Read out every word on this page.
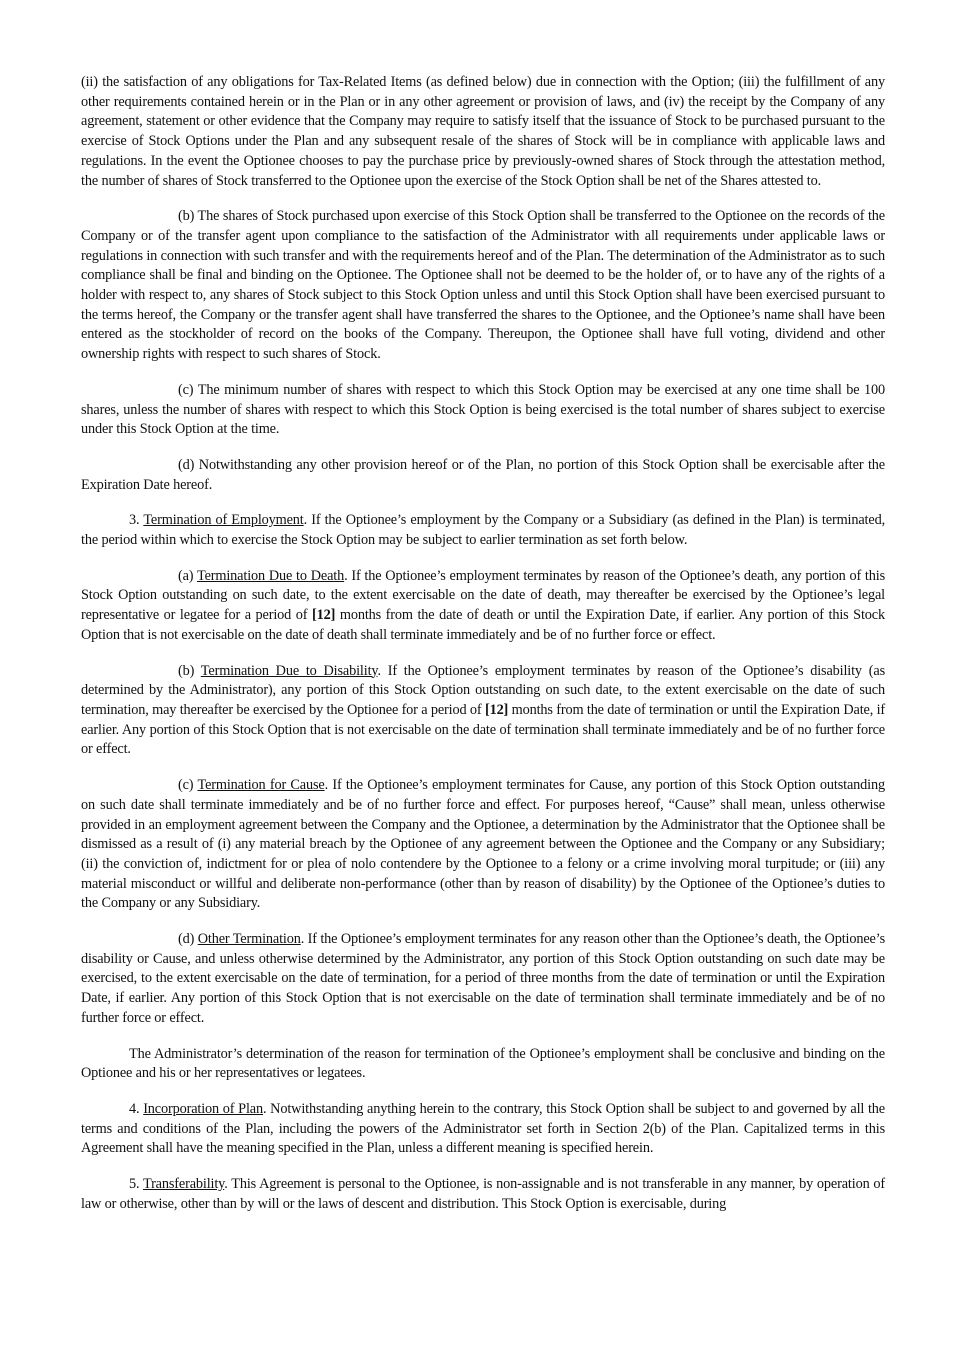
(ii) the satisfaction of any obligations for Tax-Related Items (as defined below) due in connection with the Option; (iii) the fulfillment of any other requirements contained herein or in the Plan or in any other agreement or provision of laws, and (iv) the receipt by the Company of any agreement, statement or other evidence that the Company may require to satisfy itself that the issuance of Stock to be purchased pursuant to the exercise of Stock Options under the Plan and any subsequent resale of the shares of Stock will be in compliance with applicable laws and regulations. In the event the Optionee chooses to pay the purchase price by previously-owned shares of Stock through the attestation method, the number of shares of Stock transferred to the Optionee upon the exercise of the Stock Option shall be net of the Shares attested to.

(b) The shares of Stock purchased upon exercise of this Stock Option shall be transferred to the Optionee on the records of the Company or of the transfer agent upon compliance to the satisfaction of the Administrator with all requirements under applicable laws or regulations in connection with such transfer and with the requirements hereof and of the Plan. The determination of the Administrator as to such compliance shall be final and binding on the Optionee. The Optionee shall not be deemed to be the holder of, or to have any of the rights of a holder with respect to, any shares of Stock subject to this Stock Option unless and until this Stock Option shall have been exercised pursuant to the terms hereof, the Company or the transfer agent shall have transferred the shares to the Optionee, and the Optionee’s name shall have been entered as the stockholder of record on the books of the Company. Thereupon, the Optionee shall have full voting, dividend and other ownership rights with respect to such shares of Stock.

(c) The minimum number of shares with respect to which this Stock Option may be exercised at any one time shall be 100 shares, unless the number of shares with respect to which this Stock Option is being exercised is the total number of shares subject to exercise under this Stock Option at the time.

(d) Notwithstanding any other provision hereof or of the Plan, no portion of this Stock Option shall be exercisable after the Expiration Date hereof.

3. Termination of Employment. If the Optionee’s employment by the Company or a Subsidiary (as defined in the Plan) is terminated, the period within which to exercise the Stock Option may be subject to earlier termination as set forth below.

(a) Termination Due to Death. If the Optionee’s employment terminates by reason of the Optionee’s death, any portion of this Stock Option outstanding on such date, to the extent exercisable on the date of death, may thereafter be exercised by the Optionee’s legal representative or legatee for a period of [12] months from the date of death or until the Expiration Date, if earlier. Any portion of this Stock Option that is not exercisable on the date of death shall terminate immediately and be of no further force or effect.

(b) Termination Due to Disability. If the Optionee’s employment terminates by reason of the Optionee’s disability (as determined by the Administrator), any portion of this Stock Option outstanding on such date, to the extent exercisable on the date of such termination, may thereafter be exercised by the Optionee for a period of [12] months from the date of termination or until the Expiration Date, if earlier. Any portion of this Stock Option that is not exercisable on the date of termination shall terminate immediately and be of no further force or effect.

(c) Termination for Cause. If the Optionee’s employment terminates for Cause, any portion of this Stock Option outstanding on such date shall terminate immediately and be of no further force and effect. For purposes hereof, “Cause” shall mean, unless otherwise provided in an employment agreement between the Company and the Optionee, a determination by the Administrator that the Optionee shall be dismissed as a result of (i) any material breach by the Optionee of any agreement between the Optionee and the Company or any Subsidiary; (ii) the conviction of, indictment for or plea of nolo contendere by the Optionee to a felony or a crime involving moral turpitude; or (iii) any material misconduct or willful and deliberate non-performance (other than by reason of disability) by the Optionee of the Optionee’s duties to the Company or any Subsidiary.

(d) Other Termination. If the Optionee’s employment terminates for any reason other than the Optionee’s death, the Optionee’s disability or Cause, and unless otherwise determined by the Administrator, any portion of this Stock Option outstanding on such date may be exercised, to the extent exercisable on the date of termination, for a period of three months from the date of termination or until the Expiration Date, if earlier. Any portion of this Stock Option that is not exercisable on the date of termination shall terminate immediately and be of no further force or effect.

The Administrator’s determination of the reason for termination of the Optionee’s employment shall be conclusive and binding on the Optionee and his or her representatives or legatees.

4. Incorporation of Plan. Notwithstanding anything herein to the contrary, this Stock Option shall be subject to and governed by all the terms and conditions of the Plan, including the powers of the Administrator set forth in Section 2(b) of the Plan. Capitalized terms in this Agreement shall have the meaning specified in the Plan, unless a different meaning is specified herein.

5. Transferability. This Agreement is personal to the Optionee, is non-assignable and is not transferable in any manner, by operation of law or otherwise, other than by will or the laws of descent and distribution. This Stock Option is exercisable, during
